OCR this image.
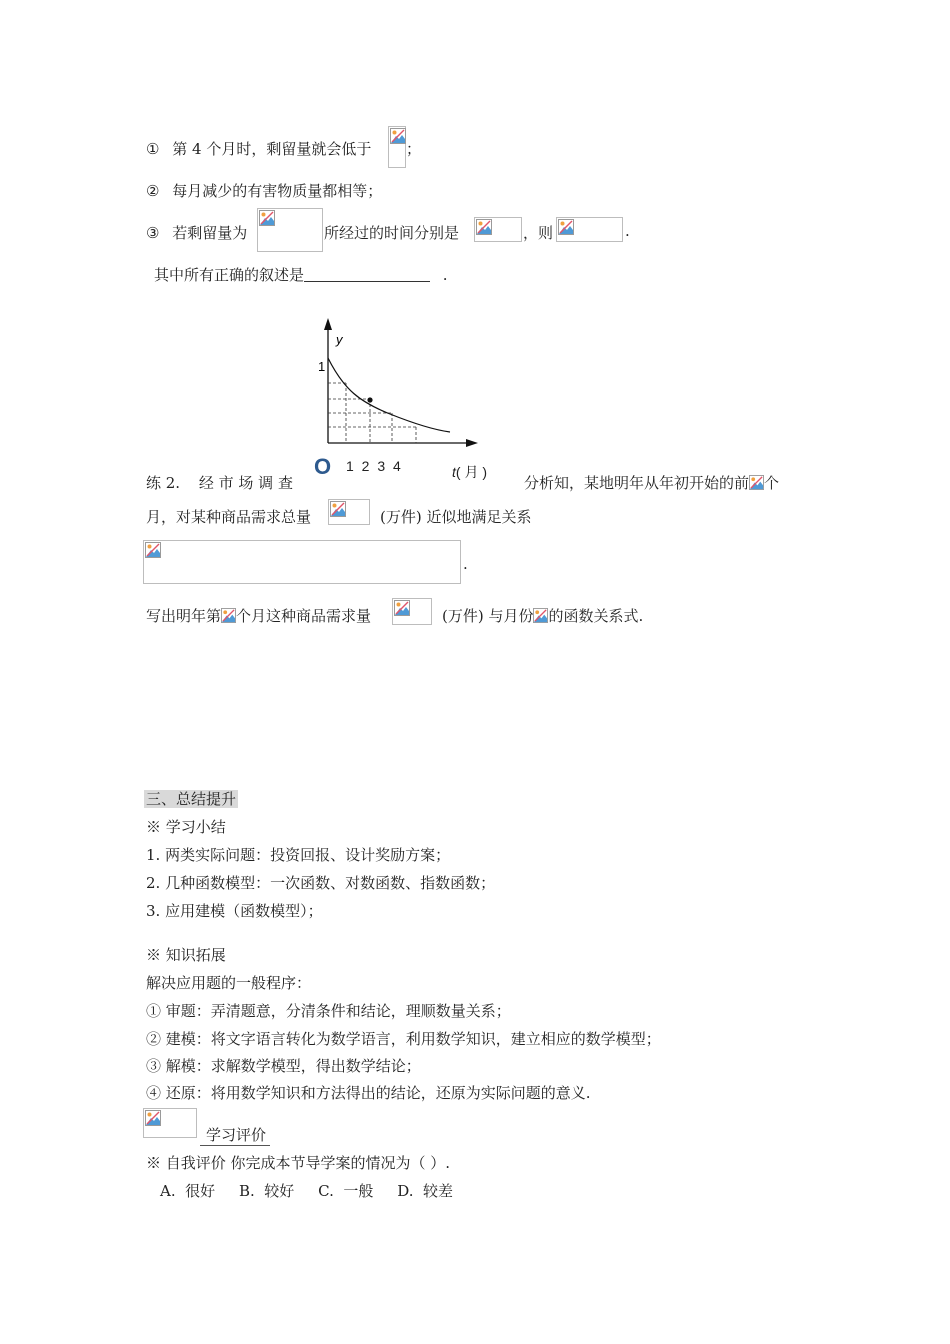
① 第 4 个月时，剩留量就会低于 ；
② 每月减少的有害物质量都相等；
③ 若剩留量为	所经过的时间分别是	，则	.
其中所有正确的叙述是	.
y
1
练 2. 经 市 场 调 查
O 1 2 3 4	t( 月 )
分析知，某地明年从年初开始的前 个
月，对某种商品需求总量	(万件) 近似地满足关系
.
写出明年第 个月这种商品需求量	(万件) 与月份 的函数关系式.
三、总结提升
※ 学习小结
1. 两类实际问题：投资回报、设计奖励方案；
2. 几种函数模型：一次函数、对数函数、指数函数；
3. 应用建模（函数模型）；
※ 知识拓展
解决应用题的一般程序：
① 审题：弄清题意，分清条件和结论，理顺数量关系；
② 建模：将文字语言转化为数学语言，利用数学知识，建立相应的数学模型；
③ 解模：求解数学模型，得出数学结论；
④ 还原：将用数学知识和方法得出的结论，还原为实际问题的意义.
学习评价
※ 自我评价 你完成本节导学案的情况为（ ）.
A.  很好     B.  较好     C.  一般     D.  较差
